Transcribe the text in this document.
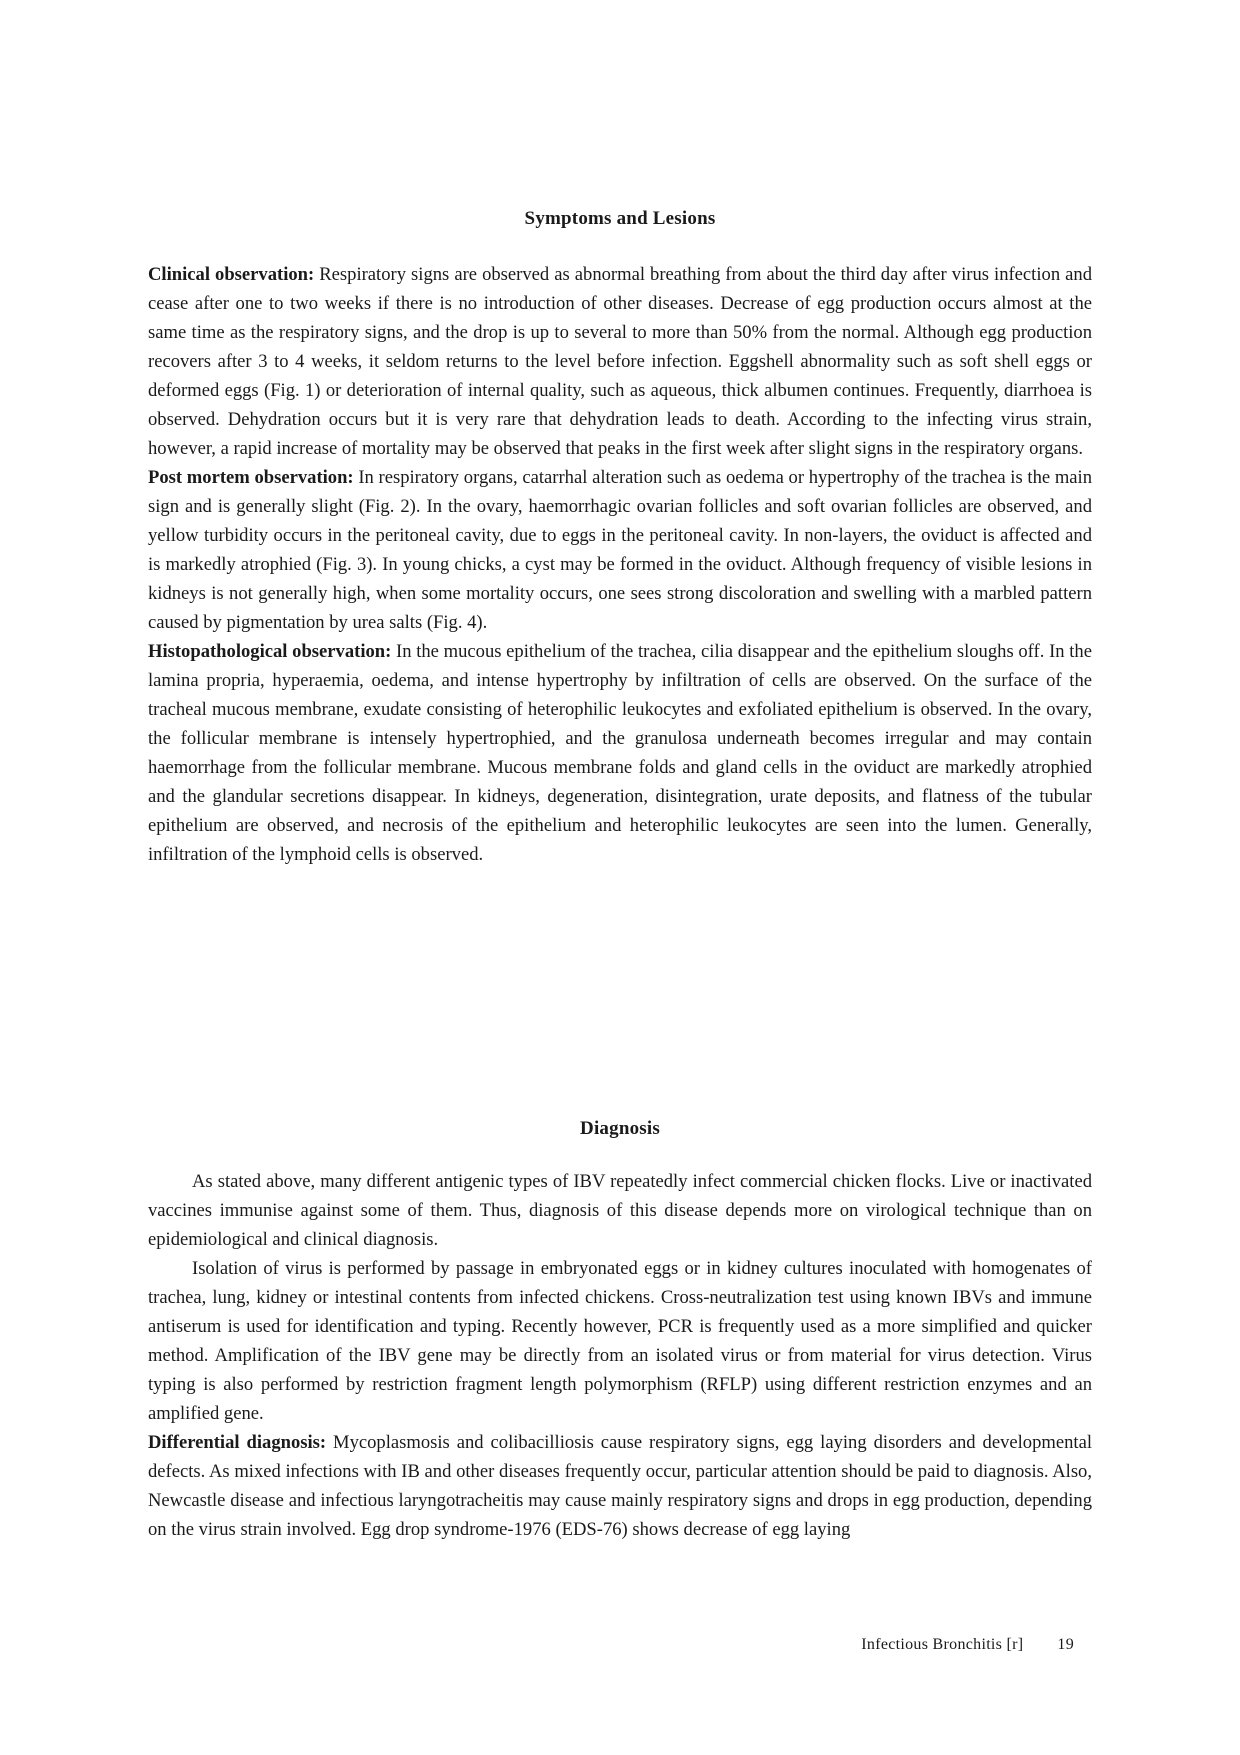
Symptoms and Lesions

Clinical observation: Respiratory signs are observed as abnormal breathing from about the third day after virus infection and cease after one to two weeks if there is no introduction of other diseases. Decrease of egg production occurs almost at the same time as the respiratory signs, and the drop is up to several to more than 50% from the normal. Although egg production recovers after 3 to 4 weeks, it seldom returns to the level before infection. Eggshell abnormality such as soft shell eggs or deformed eggs (Fig. 1) or deterioration of internal quality, such as aqueous, thick albumen continues. Frequently, diarrhoea is observed. Dehydration occurs but it is very rare that dehydration leads to death. According to the infecting virus strain, however, a rapid increase of mortality may be observed that peaks in the first week after slight signs in the respiratory organs.

Post mortem observation: In respiratory organs, catarrhal alteration such as oedema or hypertrophy of the trachea is the main sign and is generally slight (Fig. 2). In the ovary, haemorrhagic ovarian follicles and soft ovarian follicles are observed, and yellow turbidity occurs in the peritoneal cavity, due to eggs in the peritoneal cavity. In non-layers, the oviduct is affected and is markedly atrophied (Fig. 3). In young chicks, a cyst may be formed in the oviduct. Although frequency of visible lesions in kidneys is not generally high, when some mortality occurs, one sees strong discoloration and swelling with a marbled pattern caused by pigmentation by urea salts (Fig. 4).

Histopathological observation: In the mucous epithelium of the trachea, cilia disappear and the epithelium sloughs off. In the lamina propria, hyperaemia, oedema, and intense hypertrophy by infiltration of cells are observed. On the surface of the tracheal mucous membrane, exudate consisting of heterophilic leukocytes and exfoliated epithelium is observed. In the ovary, the follicular membrane is intensely hypertrophied, and the granulosa underneath becomes irregular and may contain haemorrhage from the follicular membrane. Mucous membrane folds and gland cells in the oviduct are markedly atrophied and the glandular secretions disappear. In kidneys, degeneration, disintegration, urate deposits, and flatness of the tubular epithelium are observed, and necrosis of the epithelium and heterophilic leukocytes are seen into the lumen. Generally, infiltration of the lymphoid cells is observed.

Diagnosis

As stated above, many different antigenic types of IBV repeatedly infect commercial chicken flocks. Live or inactivated vaccines immunise against some of them. Thus, diagnosis of this disease depends more on virological technique than on epidemiological and clinical diagnosis.

Isolation of virus is performed by passage in embryonated eggs or in kidney cultures inoculated with homogenates of trachea, lung, kidney or intestinal contents from infected chickens. Cross-neutralization test using known IBVs and immune antiserum is used for identification and typing. Recently however, PCR is frequently used as a more simplified and quicker method. Amplification of the IBV gene may be directly from an isolated virus or from material for virus detection. Virus typing is also performed by restriction fragment length polymorphism (RFLP) using different restriction enzymes and an amplified gene.

Differential diagnosis: Mycoplasmosis and colibacilliosis cause respiratory signs, egg laying disorders and developmental defects. As mixed infections with IB and other diseases frequently occur, particular attention should be paid to diagnosis. Also, Newcastle disease and infectious laryngotracheitis may cause mainly respiratory signs and drops in egg production, depending on the virus strain involved. Egg drop syndrome-1976 (EDS-76) shows decrease of egg laying

Infectious Bronchitis [r] 19
